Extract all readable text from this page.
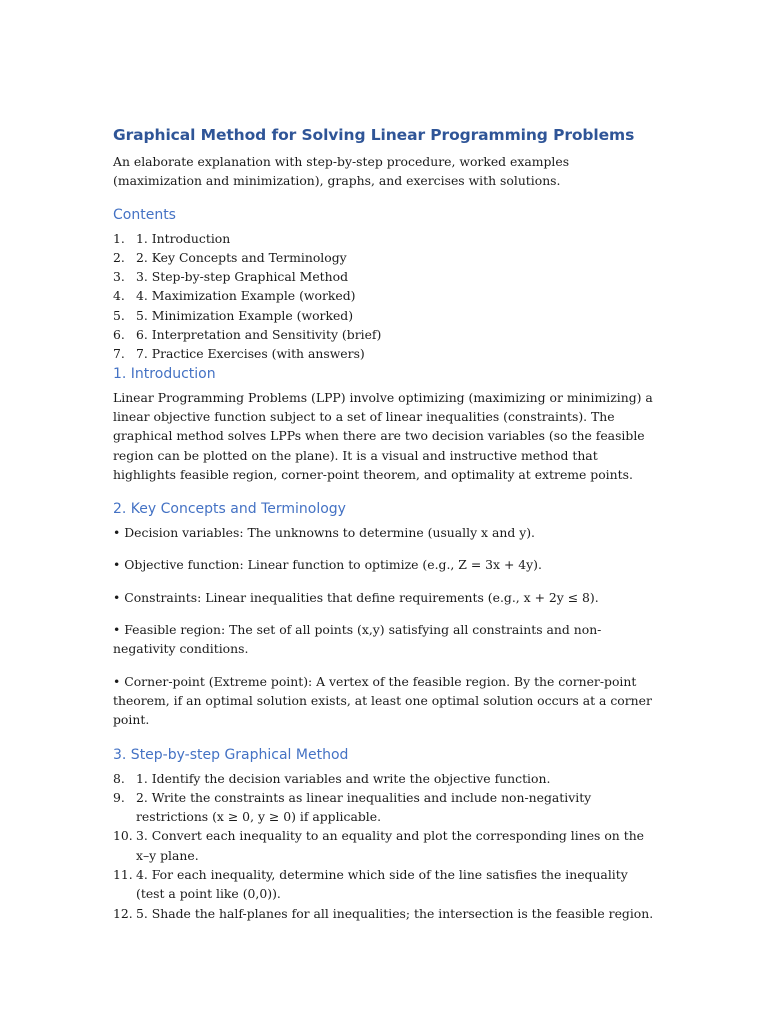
Graphical Method for Solving Linear Programming Problems

An elaborate explanation with step-by-step procedure, worked examples (maximization and minimization), graphs, and exercises with solutions.

Contents
1. 1. Introduction
2. 2. Key Concepts and Terminology
3. 3. Step-by-step Graphical Method
4. 4. Maximization Example (worked)
5. 5. Minimization Example (worked)
6. 6. Interpretation and Sensitivity (brief)
7. 7. Practice Exercises (with answers)
1. Introduction

Linear Programming Problems (LPP) involve optimizing (maximizing or minimizing) a linear objective function subject to a set of linear inequalities (constraints). The graphical method solves LPPs when there are two decision variables (so the feasible region can be plotted on the plane). It is a visual and instructive method that highlights feasible region, corner-point theorem, and optimality at extreme points.

2. Key Concepts and Terminology

• Decision variables: The unknowns to determine (usually x and y).

• Objective function: Linear function to optimize (e.g., Z = 3x + 4y).

• Constraints: Linear inequalities that define requirements (e.g., x + 2y ≤ 8).

• Feasible region: The set of all points (x,y) satisfying all constraints and non-negativity conditions.

• Corner-point (Extreme point): A vertex of the feasible region. By the corner-point theorem, if an optimal solution exists, at least one optimal solution occurs at a corner point.

3. Step-by-step Graphical Method
8. 1. Identify the decision variables and write the objective function.
9. 2. Write the constraints as linear inequalities and include non-negativity restrictions (x ≥ 0, y ≥ 0) if applicable.
10. 3. Convert each inequality to an equality and plot the corresponding lines on the x–y plane.
11. 4. For each inequality, determine which side of the line satisfies the inequality (test a point like (0,0)).
12. 5. Shade the half-planes for all inequalities; the intersection is the feasible region.
